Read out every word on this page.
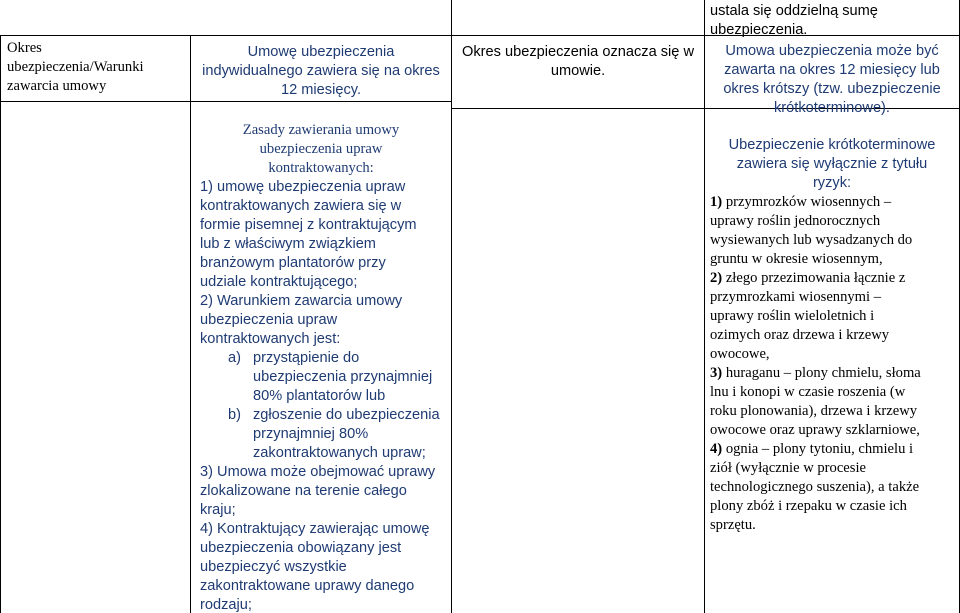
Okres
ubezpieczenia/Warunki
zawarcia umowy
Umowę ubezpieczenia
indywidualnego zawiera się na okres
12 miesięcy.
Zasady zawierania umowy
ubezpieczenia upraw
kontraktowanych:
1) umowę ubezpieczenia upraw
kontraktowanych zawiera się w
formie pisemnej z kontraktującym
lub z właściwym związkiem
branżowym plantatorów przy
udziale kontraktującego;
2) Warunkiem zawarcia umowy
ubezpieczenia upraw
kontraktowanych jest:
a) przystąpienie do
ubezpieczenia przynajmniej
80% plantatorów lub
b) zgłoszenie do ubezpieczenia
przynajmniej 80%
zakontraktowanych upraw;
3) Umowa może obejmować uprawy
zlokalizowane na terenie całego
kraju;
4) Kontraktujący zawierając umowę
ubezpieczenia obowiązany jest
ubezpieczyć wszystkie
zakontraktowane uprawy danego
rodzaju;
Okres ubezpieczenia oznacza się w
umowie.
ustala się oddzielną sumę
ubezpieczenia.
Umowa ubezpieczenia może być
zawarta na okres 12 miesięcy lub
okres krótszy (tzw. ubezpieczenie
krótkoterminowe).
Ubezpieczenie krótkoterminowe
zawiera się wyłącznie z tytułu
ryzyk:
1) przymrozków wiosennych –
uprawy roślin jednorocznych
wysiewanych lub wysadzanych do
gruntu w okresie wiosennym,
2) złego przezimowania łącznie z
przymrozkami wiosennymi –
uprawy roślin wieloletnich i
ozimych oraz drzewa i krzewy
owocowe,
3) huraganu – plony chmielu, słoma
lnu i konopi w czasie roszenia (w
roku plonowania), drzewa i krzewy
owocowe oraz uprawy szklarniowe,
4) ognia – plony tytoniu, chmielu i
ziół (wyłącznie w procesie
technologicznego suszenia), a także
plony zbóż i rzepaku w czasie ich
sprzętu.
